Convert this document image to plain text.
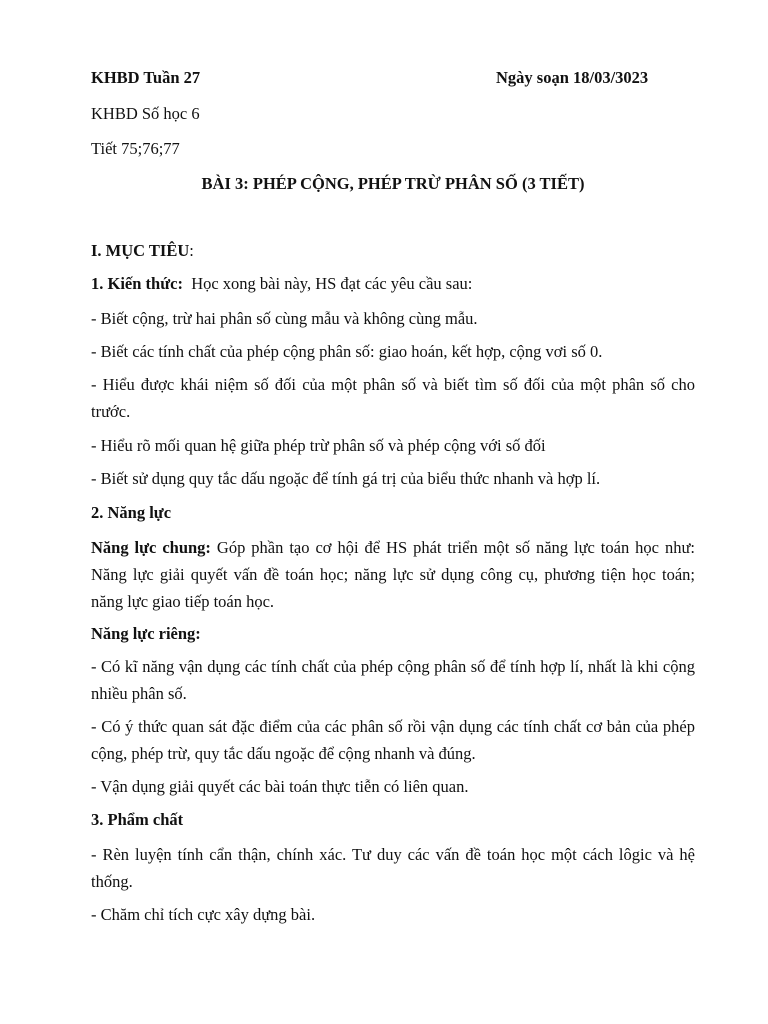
KHBD Tuần 27	Ngày soạn 18/03/3023
KHBD Số học 6
Tiết 75;76;77
BÀI 3: PHÉP CỘNG, PHÉP TRỪ PHÂN SỐ (3 TIẾT)
I. MỤC TIÊU:
1. Kiến thức: Học xong bài này, HS đạt các yêu cầu sau:
- Biết cộng, trừ hai phân số cùng mẫu và không cùng mẫu.
- Biết các tính chất của phép cộng phân số: giao hoán, kết hợp, cộng vơi số 0.
- Hiểu được khái niệm số đối của một phân số và biết tìm số đối của một phân số cho trước.
- Hiểu rõ mối quan hệ giữa phép trừ phân số và phép cộng với số đối
- Biết sử dụng quy tắc dấu ngoặc để tính gá trị của biểu thức nhanh và hợp lí.
2. Năng lực
Năng lực chung: Góp phần tạo cơ hội để HS phát triển một số năng lực toán học như: Năng lực giải quyết vấn đề toán học; năng lực sử dụng công cụ, phương tiện học toán; năng lực giao tiếp toán học.
Năng lực riêng:
- Có kĩ năng vận dụng các tính chất của phép cộng phân số để tính hợp lí, nhất là khi cộng nhiều phân số.
- Có ý thức quan sát đặc điểm của các phân số rồi vận dụng các tính chất cơ bản của phép cộng, phép trừ, quy tắc dấu ngoặc để cộng nhanh và đúng.
- Vận dụng giải quyết các bài toán thực tiễn có liên quan.
3. Phẩm chất
- Rèn luyện tính cẩn thận, chính xác. Tư duy các vấn đề toán học một cách lôgic và hệ thống.
- Chăm chỉ tích cực xây dựng bài.
